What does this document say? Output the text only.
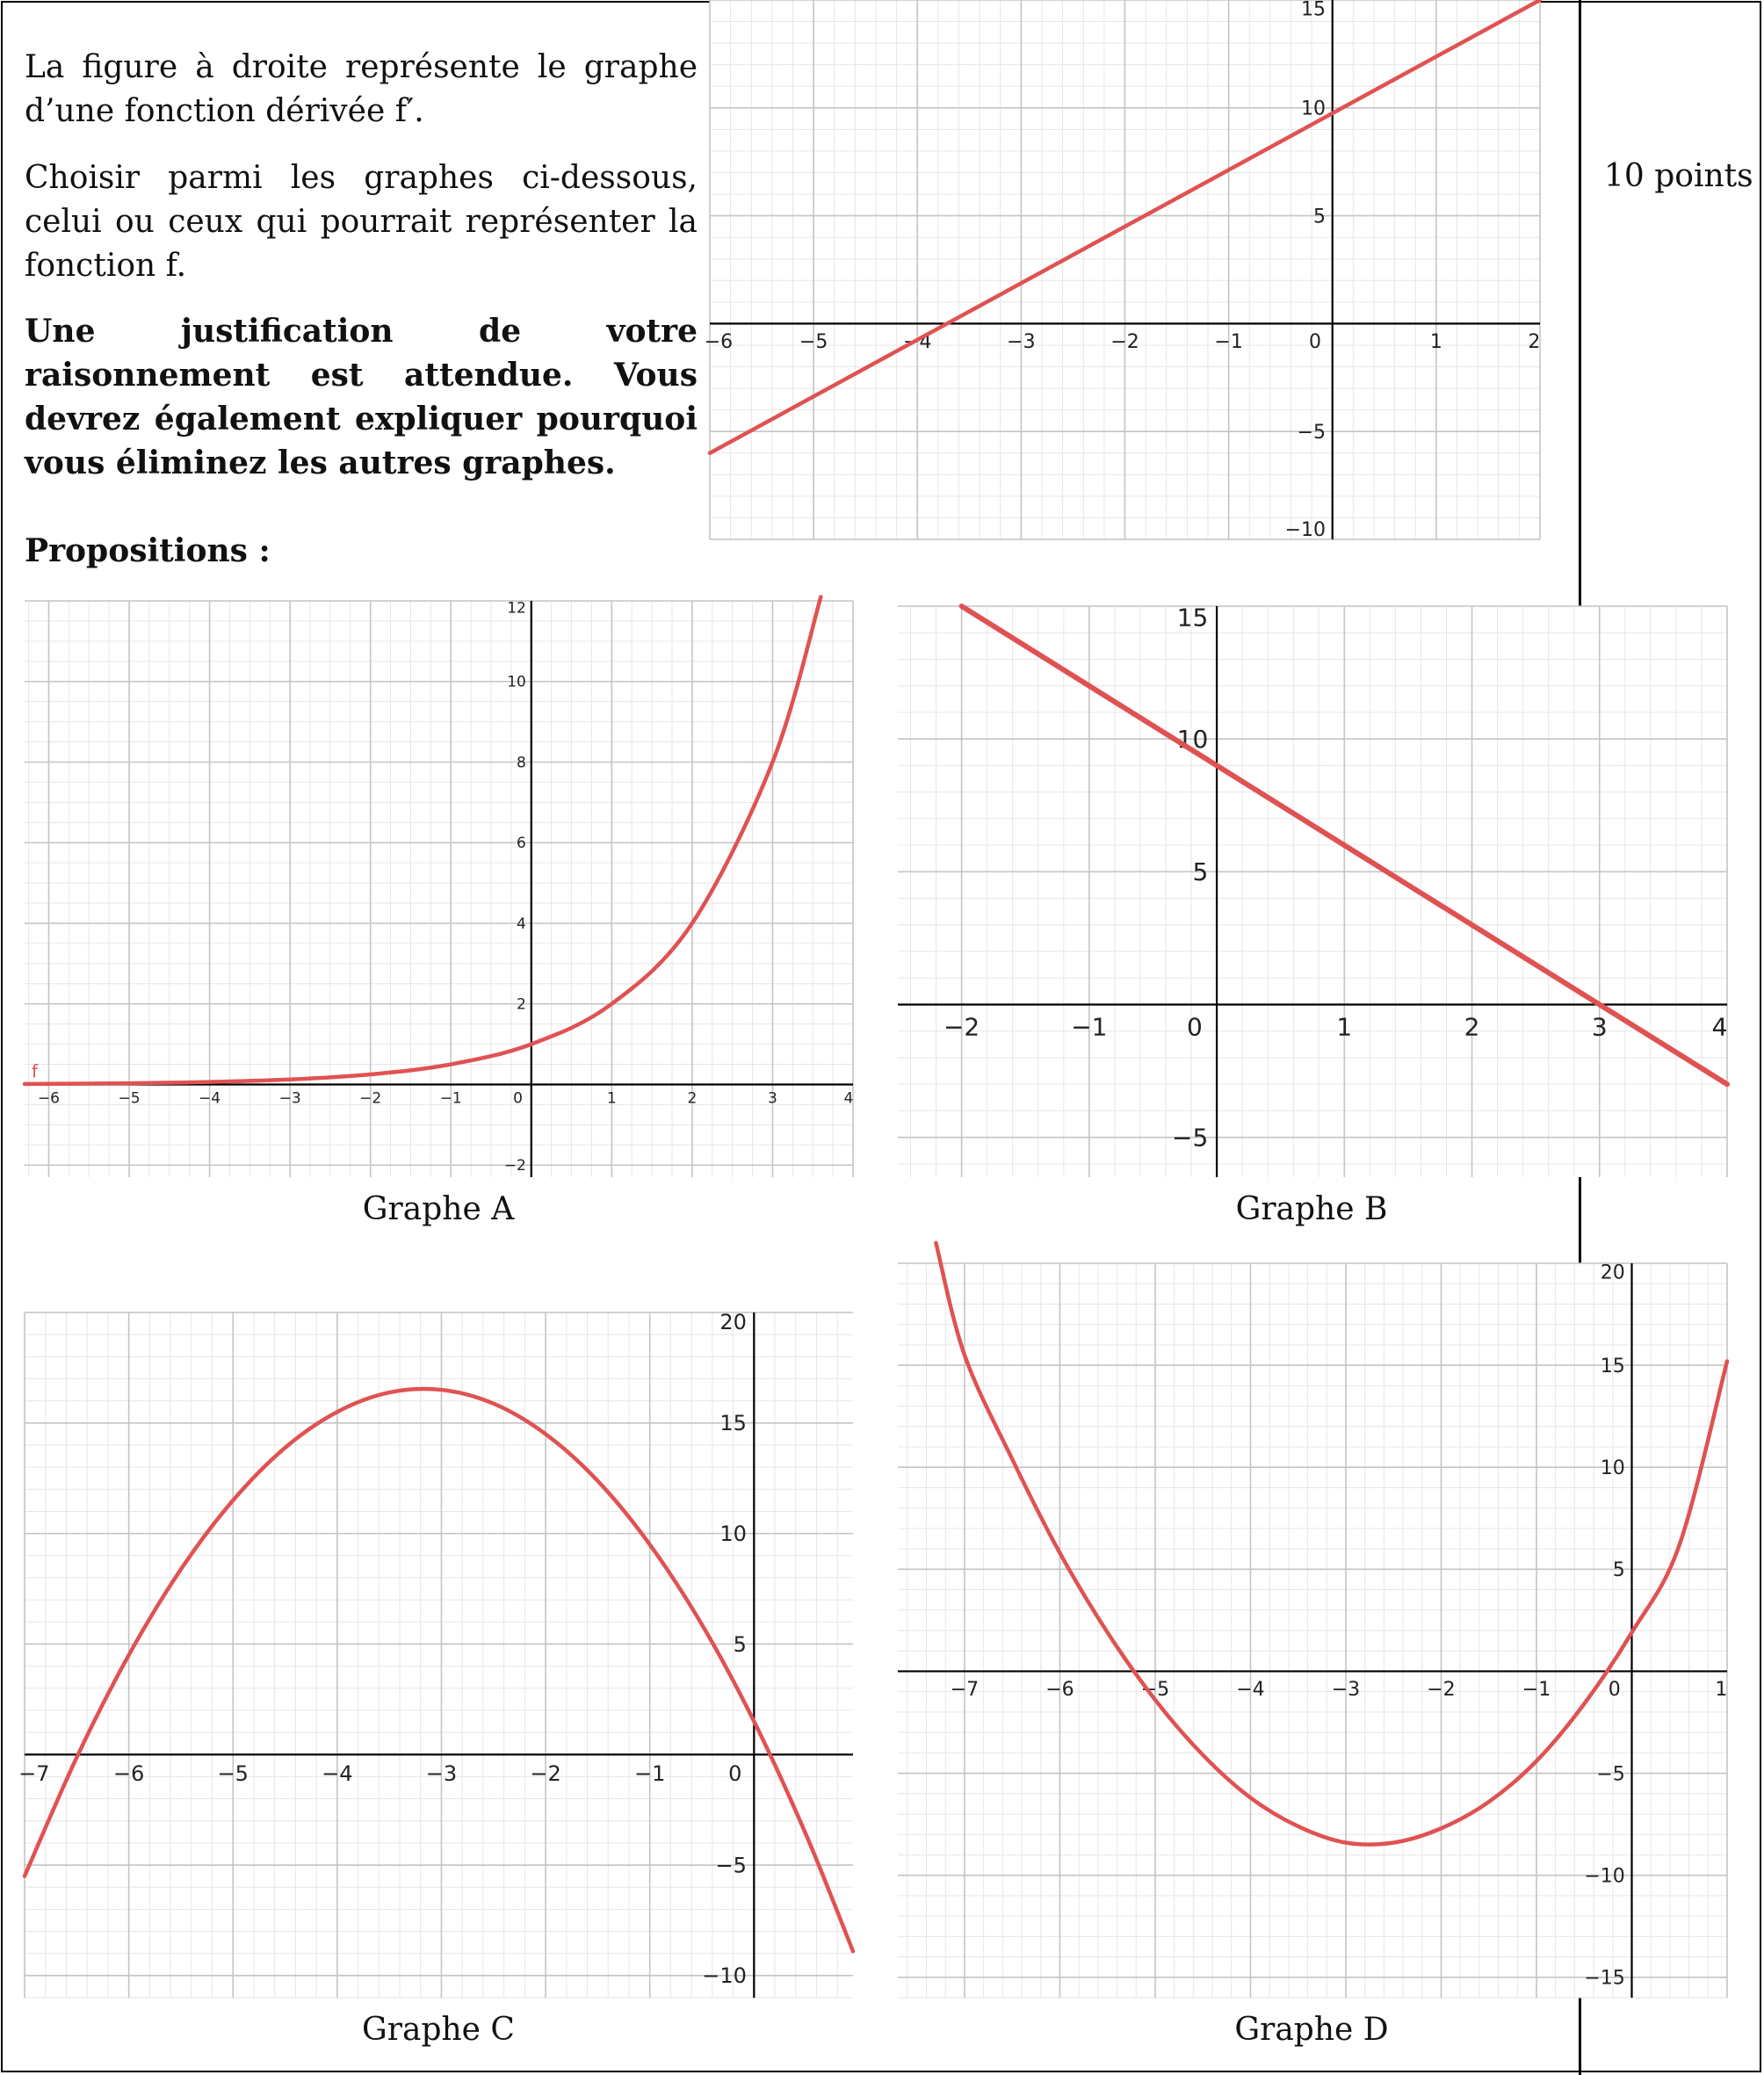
La figure à droite représente le graphe d’une fonction dérivée f′.

Choisir parmi les graphes ci-dessous, celui ou ceux qui pourrait représenter la fonction f.

Une justification de votre raisonnement est attendue. Vous devrez également expliquer pourquoi vous éliminez les autres graphes.

Propositions :

10 points
−6	−5	−4	−3	−2	−1	0	1	2
15
10
5
−5
−10
−6	−5	−4	−3	−2	−1	0	1	2	3	4
12
10
8
6
4
2
−2
f
−2	−1	0	1	2	3	4
15
10
5
−5
−7	−6	−5	−4	−3	−2	−1	0
20
15
10
5
−5
−10
−7	−6	−5	−4	−3	−2	−1	0	1
20
15
10
5
−5
−10
−15
Graphe A	Graphe B
Graphe C	Graphe D
